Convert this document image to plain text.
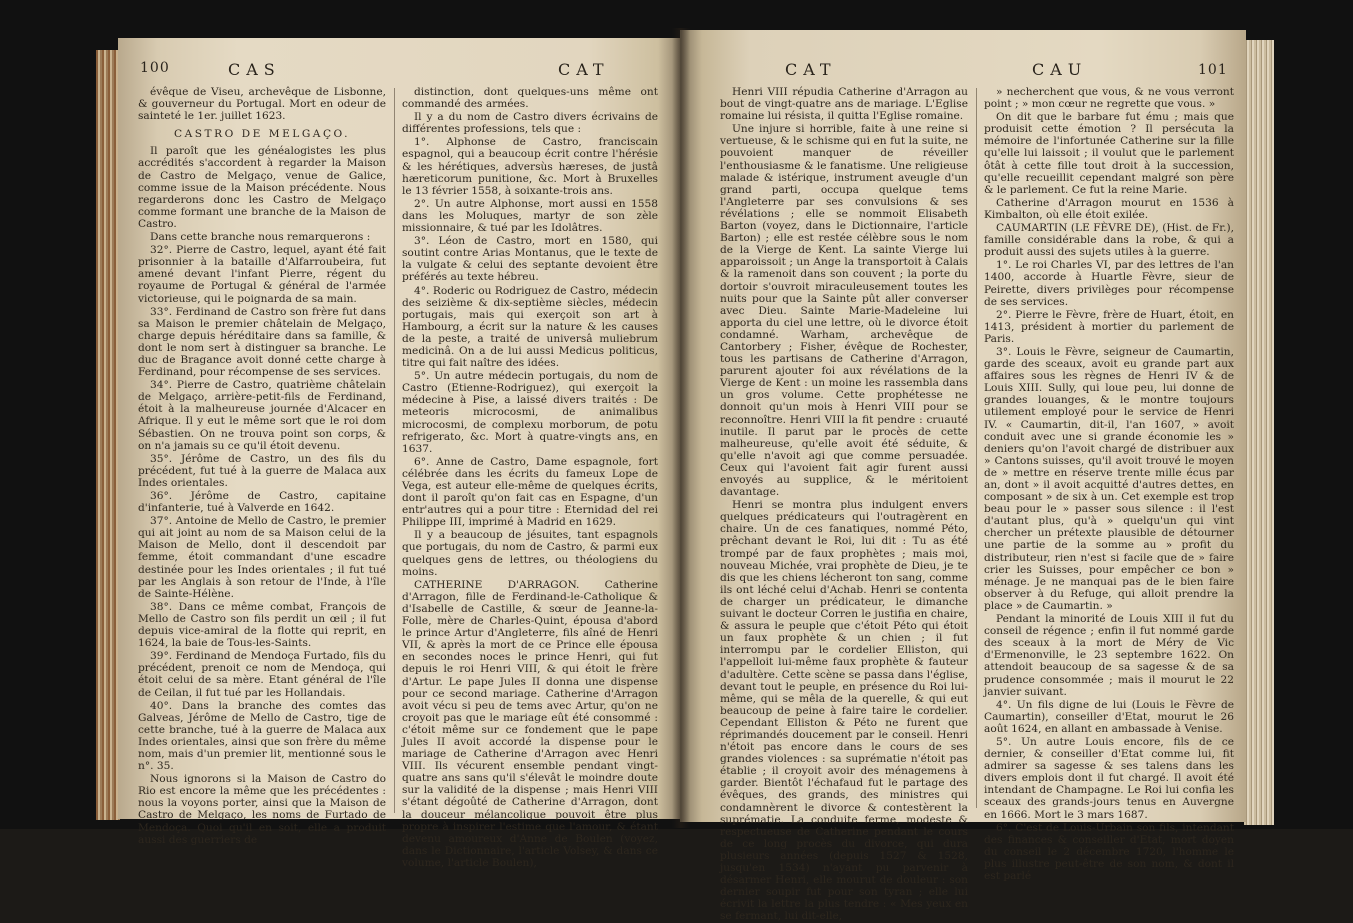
100	CAS	CAT

évêque de Viseu, archevêque de Lisbonne, & gouverneur du Portugal. Mort en odeur de sainteté le 1er. juillet 1623.

CASTRO DE MELGAÇO.

Il paroît que les généalogistes les plus accrédités s'accordent à regarder la Maison de Castro de Melgaço, venue de Galice, comme issue de la Maison précédente. Nous regarderons donc les Castro de Melgaço comme formant une branche de la Maison de Castro.

Dans cette branche nous remarquerons :

32°. Pierre de Castro, lequel, ayant été fait prisonnier à la bataille d'Alfarroubeira, fut amené devant l'infant Pierre, régent du royaume de Portugal & général de l'armée victorieuse, qui le poignarda de sa main.

33°. Ferdinand de Castro son frère fut dans sa Maison le premier châtelain de Melgaço, charge depuis héréditaire dans sa famille, & dont le nom sert à distinguer sa branche. Le duc de Bragance avoit donné cette charge à Ferdinand, pour récompense de ses services.

34°. Pierre de Castro, quatrième châtelain de Melgaço, arrière-petit-fils de Ferdinand, étoit à la malheureuse journée d'Alcacer en Afrique. Il y eut le même sort que le roi dom Sébastien. On ne trouva point son corps, & on n'a jamais su ce qu'il étoit devenu.

35°. Jérôme de Castro, un des fils du précédent, fut tué à la guerre de Malaca aux Indes orientales.

36°. Jérôme de Castro, capitaine d'infanterie, tué à Valverde en 1642.

37°. Antoine de Mello de Castro, le premier qui ait joint au nom de sa Maison celui de la Maison de Mello, dont il descendoit par femme, étoit commandant d'une escadre destinée pour les Indes orientales ; il fut tué par les Anglais à son retour de l'Inde, à l'île de Sainte-Hélène.

38°. Dans ce même combat, François de Mello de Castro son fils perdit un œil ; il fut depuis vice-amiral de la flotte qui reprit, en 1624, la baie de Tous-les-Saints.

39°. Ferdinand de Mendoça Furtado, fils du précédent, prenoit ce nom de Mendoça, qui étoit celui de sa mère. Etant général de l'île de Ceilan, il fut tué par les Hollandais.

40°. Dans la branche des comtes das Galveas, Jérôme de Mello de Castro, tige de cette branche, tué à la guerre de Malaca aux Indes orientales, ainsi que son frère du même nom, mais d'un premier lit, mentionné sous le n°. 35.

Nous ignorons si la Maison de Castro do Rio est encore la même que les précédentes : nous la voyons porter, ainsi que la Maison de Castro de Melgaço, les noms de Furtado de Mendoça. Quoi qu'il en soit, elle a produit aussi des guerriers de

distinction, dont quelques-uns même ont commandé des armées.

Il y a du nom de Castro divers écrivains de différentes professions, tels que :

1°. Alphonse de Castro, franciscain espagnol, qui a beaucoup écrit contre l'hérésie & les hérétiques, adversùs hæreses, de justâ hæreticorum punitione, &c. Mort à Bruxelles le 13 février 1558, à soixante-trois ans.

2°. Un autre Alphonse, mort aussi en 1558 dans les Moluques, martyr de son zèle missionnaire, & tué par les Idolâtres.

3°. Léon de Castro, mort en 1580, qui soutint contre Arias Montanus, que le texte de la vulgate & celui des septante devoient être préférés au texte hébreu.

4°. Roderic ou Rodriguez de Castro, médecin des seizième & dix-septième siècles, médecin portugais, mais qui exerçoit son art à Hambourg, a écrit sur la nature & les causes de la peste, a traité de universâ muliebrum medicinâ. On a de lui aussi Medicus politicus, titre qui fait naître des idées.

5°. Un autre médecin portugais, du nom de Castro (Etienne-Rodriguez), qui exerçoit la médecine à Pise, a laissé divers traités : De meteoris microcosmi, de animalibus microcosmi, de complexu morborum, de potu refrigerato, &c. Mort à quatre-vingts ans, en 1637.

6°. Anne de Castro, Dame espagnole, fort célébrée dans les écrits du fameux Lope de Vega, est auteur elle-même de quelques écrits, dont il paroît qu'on fait cas en Espagne, d'un entr'autres qui a pour titre : Eternidad del rei Philippe III, imprimé à Madrid en 1629.

Il y a beaucoup de jésuites, tant espagnols que portugais, du nom de Castro, & parmi eux quelques gens de lettres, ou théologiens du moins.

CATHERINE D'ARRAGON. Catherine d'Arragon, fille de Ferdinand-le-Catholique & d'Isabelle de Castille, & sœur de Jeanne-la-Folle, mère de Charles-Quint, épousa d'abord le prince Artur d'Angleterre, fils aîné de Henri VII, & après la mort de ce Prince elle épousa en secondes noces le prince Henri, qui fut depuis le roi Henri VIII, & qui étoit le frère d'Artur. Le pape Jules II donna une dispense pour ce second mariage. Catherine d'Arragon avoit vécu si peu de tems avec Artur, qu'on ne croyoit pas que le mariage eût été consommé : c'étoit même sur ce fondement que le pape Jules II avoit accordé la dispense pour le mariage de Catherine d'Arragon avec Henri VIII. Ils vécurent ensemble pendant vingt-quatre ans sans qu'il s'élevât le moindre doute sur la validité de la dispense ; mais Henri VIII s'étant dégoûté de Catherine d'Arragon, dont la douceur mélancolique pouvoit être plus propre à inspirer l'estime que l'amour, & étant devenu amoureux d'Anne de Boulen (voyez, dans le Dictionnaire, l'article Volsey, & dans ce volume, l'article Boulen),

CAT	CAU	101

Henri VIII répudia Catherine d'Arragon au bout de vingt-quatre ans de mariage. L'Eglise romaine lui résista, il quitta l'Eglise romaine.

Une injure si horrible, faite à une reine si vertueuse, & le schisme qui en fut la suite, ne pouvoient manquer de réveiller l'enthousiasme & le fanatisme. Une religieuse malade & istérique, instrument aveugle d'un grand parti, occupa quelque tems l'Angleterre par ses convulsions & ses révélations ; elle se nommoit Elisabeth Barton (voyez, dans le Dictionnaire, l'article Barton) ; elle est restée célèbre sous le nom de la Vierge de Kent. La sainte Vierge lui apparoissoit ; un Ange la transportoit à Calais & la ramenoit dans son couvent ; la porte du dortoir s'ouvroit miraculeusement toutes les nuits pour que la Sainte pût aller converser avec Dieu. Sainte Marie-Madeleine lui apporta du ciel une lettre, où le divorce étoit condamné. Warham, archevêque de Cantorbery ; Fisher, évêque de Rochester, tous les partisans de Catherine d'Arragon, parurent ajouter foi aux révélations de la Vierge de Kent : un moine les rassembla dans un gros volume. Cette prophétesse ne donnoit qu'un mois à Henri VIII pour se reconnoître. Henri VIII la fit pendre : cruauté inutile. Il parut par le procès de cette malheureuse, qu'elle avoit été séduite, & qu'elle n'avoit agi que comme persuadée. Ceux qui l'avoient fait agir furent aussi envoyés au supplice, & le méritoient davantage.

Henri se montra plus indulgent envers quelques prédicateurs qui l'outragèrent en chaire. Un de ces fanatiques, nommé Péto, prêchant devant le Roi, lui dit : Tu as été trompé par de faux prophètes ; mais moi, nouveau Michée, vrai prophète de Dieu, je te dis que les chiens lécheront ton sang, comme ils ont léché celui d'Achab. Henri se contenta de charger un prédicateur, le dimanche suivant le docteur Corren le justifia en chaire, & assura le peuple que c'étoit Péto qui étoit un faux prophète & un chien ; il fut interrompu par le cordelier Elliston, qui l'appelloit lui-même faux prophète & fauteur d'adultère. Cette scène se passa dans l'église, devant tout le peuple, en présence du Roi lui-même, qui se mêla de la querelle, & qui eut beaucoup de peine à faire taire le cordelier. Cependant Elliston & Péto ne furent que réprimandés doucement par le conseil. Henri n'étoit pas encore dans le cours de ses grandes violences : sa suprématie n'étoit pas établie ; il croyoit avoir des ménagemens à garder. Bientôt l'échafaud fut le partage des évêques, des grands, des ministres qui condamnèrent le divorce & contestèrent la suprématie. La conduite ferme, modeste & respectueuse de Catherine pendant le cours de ce long procès du divorce, qui dura plusieurs années (depuis 1527 & 1528, jusqu'en 1534) n'ayant pu parvenir à désarmer Henri, elle mourut de douleur : son dernier soupir fut pour son tyran ; elle lui écrivit la lettre la plus tendre : « Mes yeux en se fermant, lui dit-elle,

» necherchent que vous, & ne vous verront point ; » mon cœur ne regrette que vous. »

On dit que le barbare fut ému ; mais que produisit cette émotion ? Il persécuta la mémoire de l'infortunée Catherine sur la fille qu'elle lui laissoit ; il voulut que le parlement ôtât à cette fille tout droit à la succession, qu'elle recueillit cependant malgré son père & le parlement. Ce fut la reine Marie.

Catherine d'Arragon mourut en 1536 à Kimbalton, où elle étoit exilée.

CAUMARTIN (LE FÈVRE DE), (Hist. de Fr.), famille considérable dans la robe, & qui a produit aussi des sujets utiles à la guerre.

1°. Le roi Charles VI, par des lettres de l'an 1400, accorde à Huartle Fèvre, sieur de Peirette, divers privilèges pour récompense de ses services.

2°. Pierre le Fèvre, frère de Huart, étoit, en 1413, président à mortier du parlement de Paris.

3°. Louis le Fèvre, seigneur de Caumartin, garde des sceaux, avoit eu grande part aux affaires sous les règnes de Henri IV & de Louis XIII. Sully, qui loue peu, lui donne de grandes louanges, & le montre toujours utilement employé pour le service de Henri IV. « Caumartin, dit-il, l'an 1607, » avoit conduit avec une si grande économie les » deniers qu'on l'avoit chargé de distribuer aux » Cantons suisses, qu'il avoit trouvé le moyen de » mettre en réserve trente mille écus par an, dont » il avoit acquitté d'autres dettes, en composant » de six à un. Cet exemple est trop beau pour le » passer sous silence : il l'est d'autant plus, qu'à » quelqu'un qui vint chercher un prétexte plausible de détourner une partie de la somme au » profit du distributeur, rien n'est si facile que de » faire crier les Suisses, pour empêcher ce bon » ménage. Je ne manquai pas de le bien faire observer à du Refuge, qui alloit prendre la place » de Caumartin. »

Pendant la minorité de Louis XIII il fut du conseil de régence ; enfin il fut nommé garde des sceaux à la mort de Méry de Vic d'Ermenonville, le 23 septembre 1622. On attendoit beaucoup de sa sagesse & de sa prudence consommée ; mais il mourut le 22 janvier suivant.

4°. Un fils digne de lui (Louis le Fèvre de Caumartin), conseiller d'Etat, mourut le 26 août 1624, en allant en ambassade à Venise.

5°. Un autre Louis encore, fils de ce dernier, & conseiller d'Etat comme lui, fit admirer sa sagesse & ses talens dans les divers emplois dont il fut chargé. Il avoit été intendant de Champagne. Le Roi lui confia les sceaux des grands-jours tenus en Auvergne en 1666. Mort le 3 mars 1687.

6°. C'est de Louis-Urbain son fils, intendant des finances & conseiller d'Etat, mort doyen du conseil le 2 décembre 1720, l'homme le plus illustre peut-être de son nom, & dont il est parlé
